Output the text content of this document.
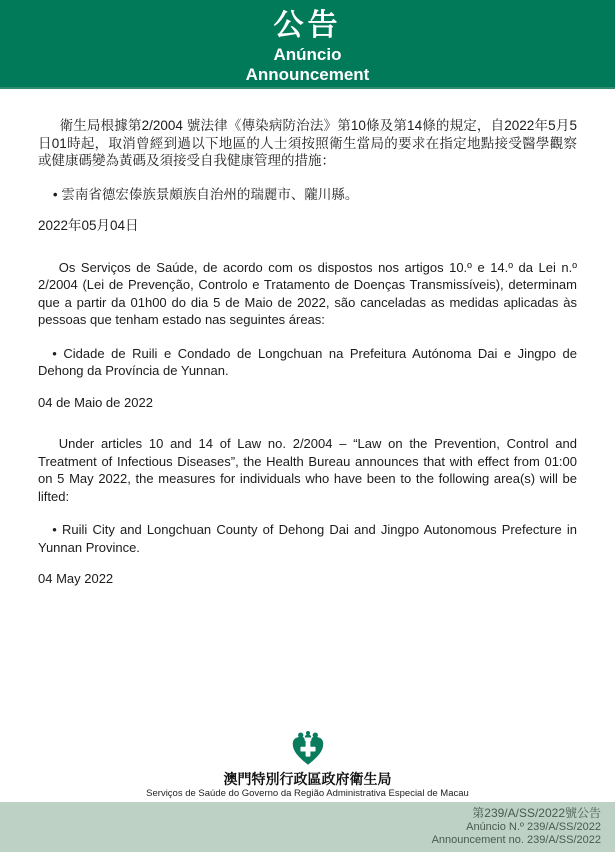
公告
Anúncio
Announcement

衛生局根據第2/2004 號法律《傳染病防治法》第10條及第14條的規定，自2022年5月5日01時起，取消曾經到過以下地區的人士須按照衛生當局的要求在指定地點接受醫學觀察或健康碼變為黃碼及須接受自我健康管理的措施：

• 雲南省德宏傣族景頗族自治州的瑞麗市、隴川縣。

2022年05月04日

Os Serviços de Saúde, de acordo com os dispostos nos artigos 10.º e 14.º da Lei n.º 2/2004 (Lei de Prevenção, Controlo e Tratamento de Doenças Transmissíveis), determinam que a partir da 01h00 do dia 5 de Maio de 2022, são canceladas as medidas aplicadas às pessoas que tenham estado nas seguintes áreas:

• Cidade de Ruili e Condado de Longchuan na Prefeitura Autónoma Dai e Jingpo de Dehong da Província de Yunnan.

04 de Maio de 2022

Under articles 10 and 14 of Law no. 2/2004 – “Law on the Prevention, Control and Treatment of Infectious Diseases”, the Health Bureau announces that with effect from 01:00 on 5 May 2022, the measures for individuals who have been to the following area(s) will be lifted:

• Ruili City and Longchuan County of Dehong Dai and Jingpo Autonomous Prefecture in Yunnan Province.

04 May 2022

澳門特別行政區政府衛生局
Serviços de Saúde do Governo da Região Administrativa Especial de Macau
第239/A/SS/2022號公告
Anúncio N.º 239/A/SS/2022
Announcement no. 239/A/SS/2022
